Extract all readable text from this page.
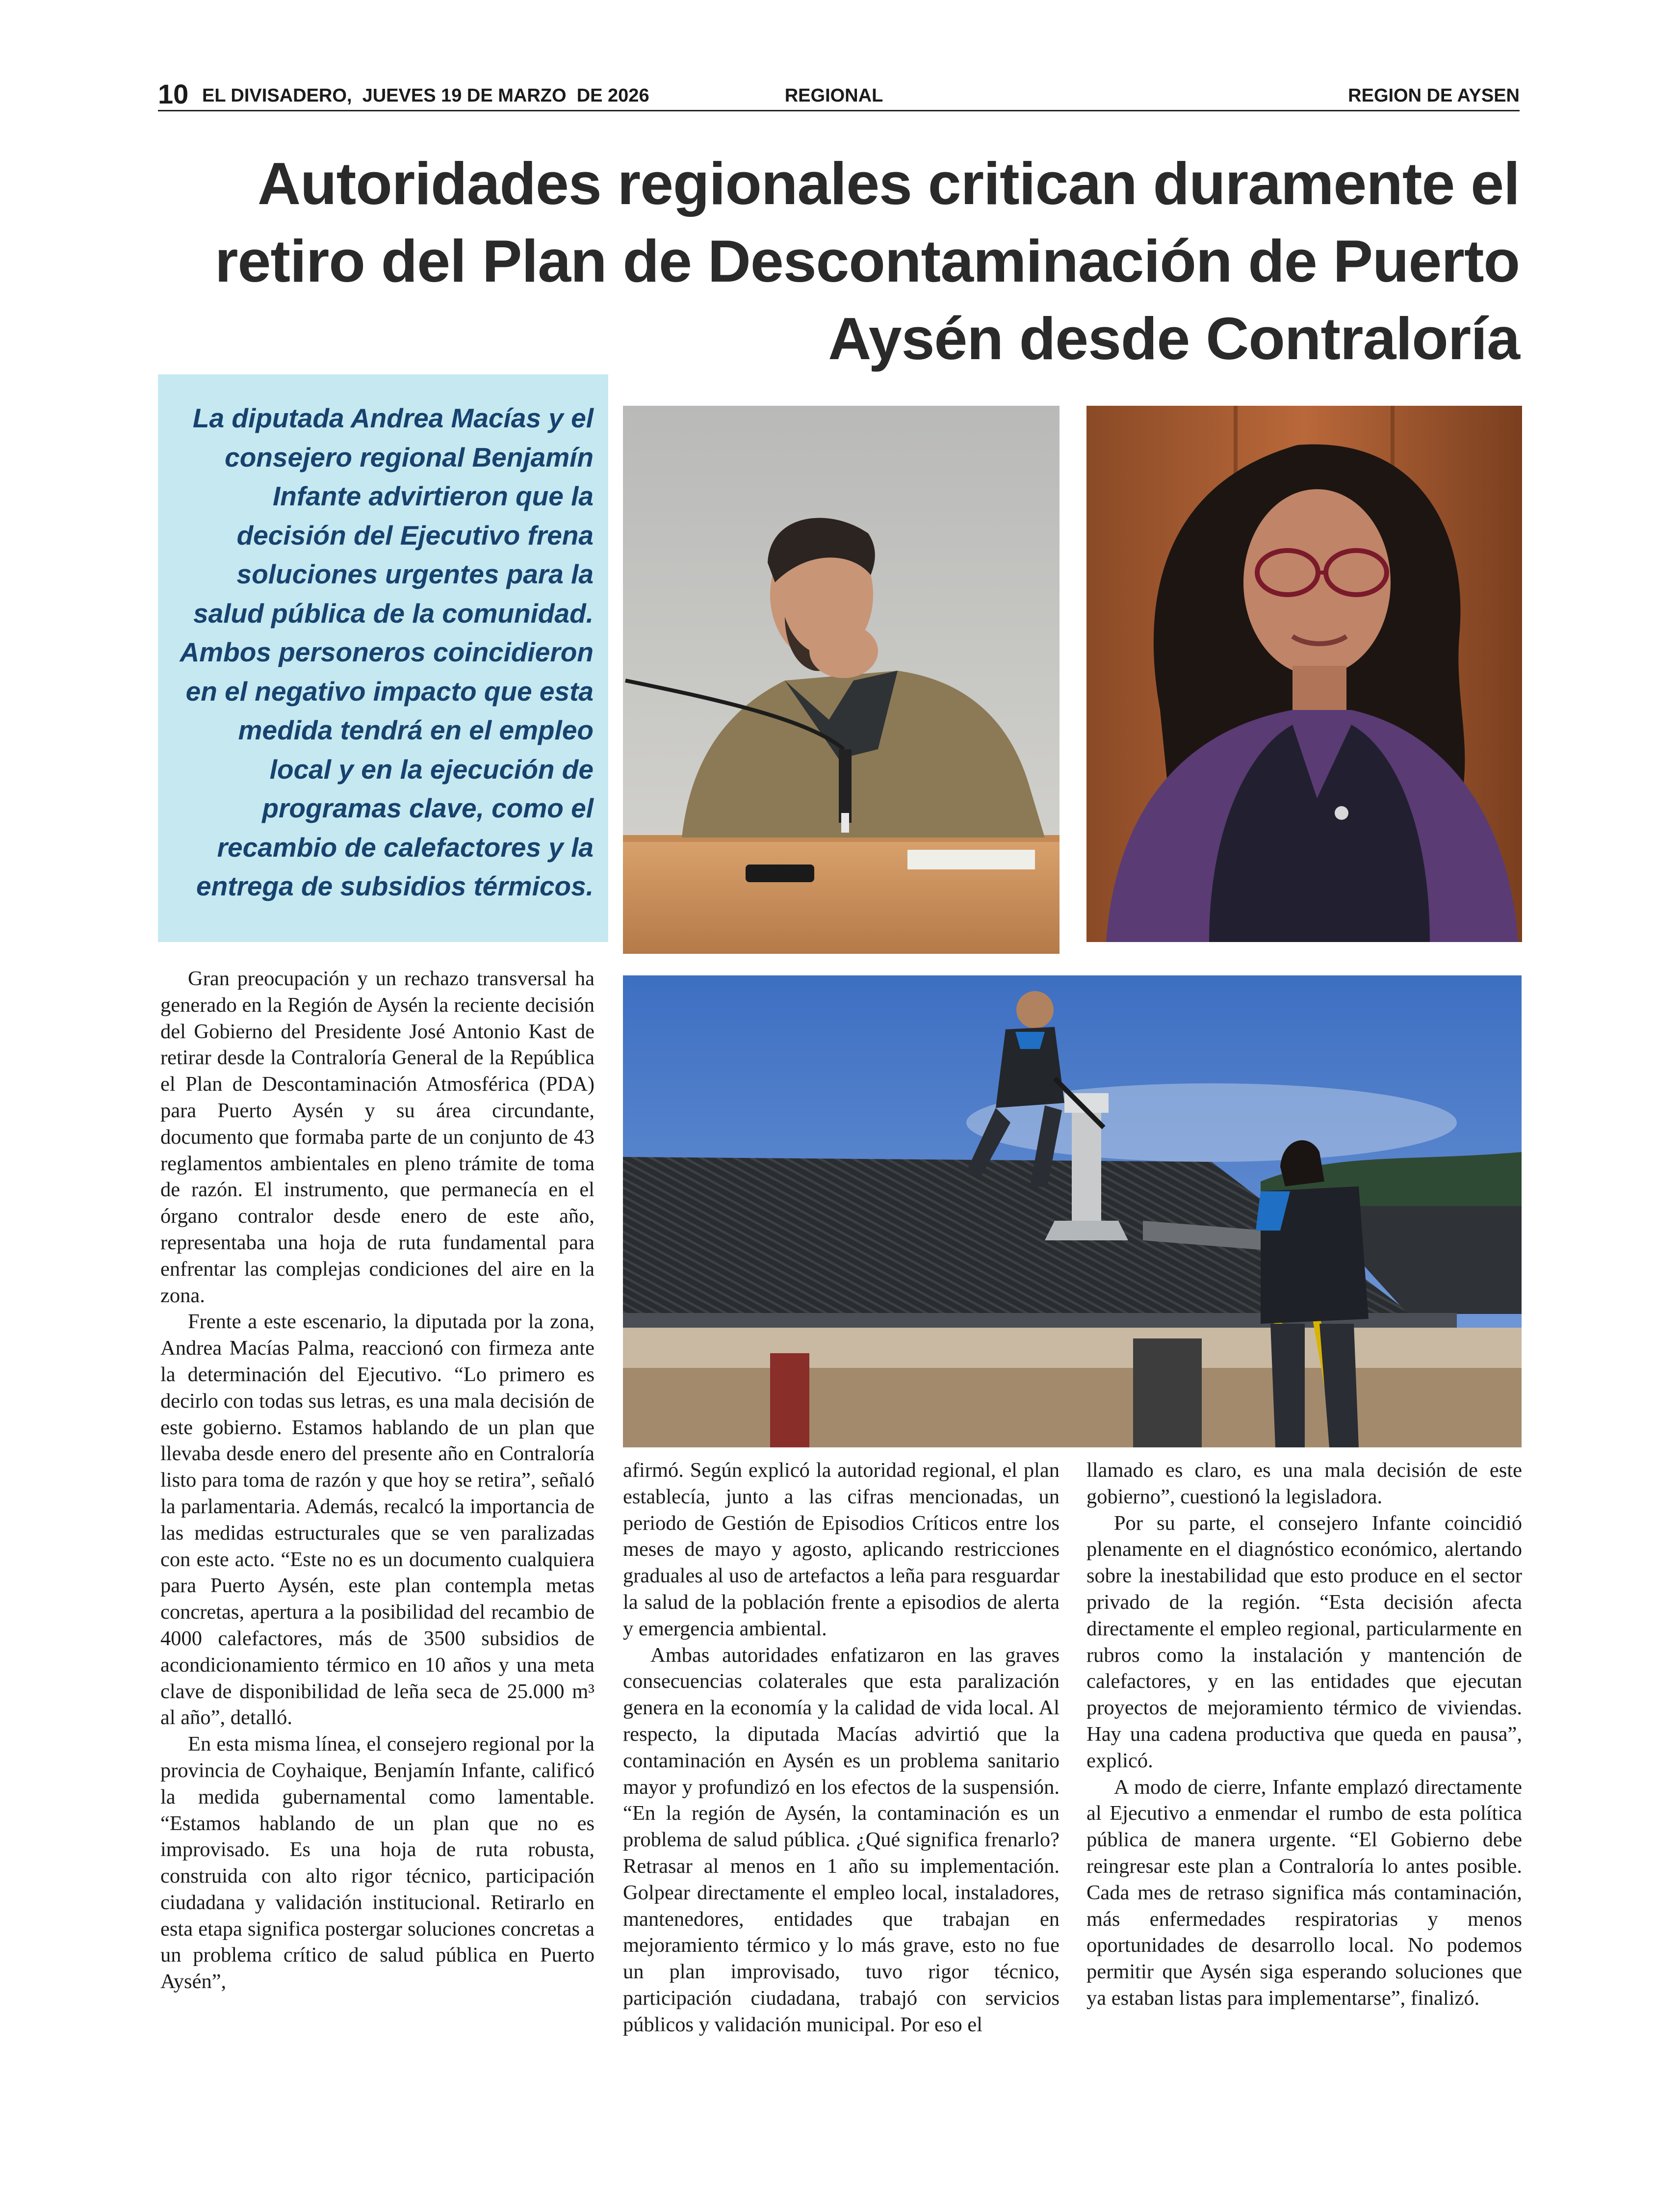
10 EL DIVISADERO,  JUEVES 19 DE MARZO  DE 2026	REGIONAL	REGION DE AYSEN
Autoridades regionales critican duramente el retiro del Plan de Descontaminación de Puerto Aysén desde Contraloría

La diputada Andrea Macías y el consejero regional Benjamín Infante advirtieron que la decisión del Ejecutivo frena soluciones urgentes para la salud pública de la comunidad. Ambos personeros coincidieron en el negativo impacto que esta medida tendrá en el empleo local y en la ejecución de programas clave, como el recambio de calefactores y la entrega de subsidios térmicos.

Gran preocupación y un rechazo transversal ha generado en la Región de Aysén la reciente decisión del Gobierno del Presidente José Antonio Kast de retirar desde la Contraloría General de la República el Plan de Descontaminación Atmosférica (PDA) para Puerto Aysén y su área circundante, documento que formaba parte de un conjunto de 43 reglamentos ambientales en pleno trámite de toma de razón. El instrumento, que permanecía en el órgano contralor desde enero de este año, representaba una hoja de ruta fundamental para enfrentar las complejas condiciones del aire en la zona.

Frente a este escenario, la diputada por la zona, Andrea Macías Palma, reaccionó con firmeza ante la determinación del Ejecutivo. “Lo primero es decirlo con todas sus letras, es una mala decisión de este gobierno. Estamos hablando de un plan que llevaba desde enero del presente año en Contraloría listo para toma de razón y que hoy se retira”, señaló la parlamentaria. Además, recalcó la importancia de las medidas estructurales que se ven paralizadas con este acto. “Este no es un documento cualquiera para Puerto Aysén, este plan contempla metas concretas, apertura a la posibilidad del recambio de 4000 calefactores, más de 3500 subsidios de acondicionamiento térmico en 10 años y una meta clave de disponibilidad de leña seca de 25.000 m³ al año”, detalló.

En esta misma línea, el consejero regional por la provincia de Coyhaique, Benjamín Infante, calificó la medida gubernamental como lamentable. “Estamos hablando de un plan que no es improvisado. Es una hoja de ruta robusta, construida con alto rigor técnico, participación ciudadana y validación institucional. Retirarlo en esta etapa significa postergar soluciones concretas a un problema crítico de salud pública en Puerto Aysén”,

afirmó. Según explicó la autoridad regional, el plan establecía, junto a las cifras mencionadas, un periodo de Gestión de Episodios Críticos entre los meses de mayo y agosto, aplicando restricciones graduales al uso de artefactos a leña para resguardar la salud de la población frente a episodios de alerta y emergencia ambiental.

Ambas autoridades enfatizaron en las graves consecuencias colaterales que esta paralización genera en la economía y la calidad de vida local. Al respecto, la diputada Macías advirtió que la contaminación en Aysén es un problema sanitario mayor y profundizó en los efectos de la suspensión. “En la región de Aysén, la contaminación es un problema de salud pública. ¿Qué significa frenarlo? Retrasar al menos en 1 año su implementación. Golpear directamente el empleo local, instaladores, mantenedores, entidades que trabajan en mejoramiento térmico y lo más grave, esto no fue un plan improvisado, tuvo rigor técnico, participación ciudadana, trabajó con servicios públicos y validación municipal. Por eso el

llamado es claro, es una mala decisión de este gobierno”, cuestionó la legisladora.

Por su parte, el consejero Infante coincidió plenamente en el diagnóstico económico, alertando sobre la inestabilidad que esto produce en el sector privado de la región. “Esta decisión afecta directamente el empleo regional, particularmente en rubros como la instalación y mantención de calefactores, y en las entidades que ejecutan proyectos de mejoramiento térmico de viviendas. Hay una cadena productiva que queda en pausa”, explicó.

A modo de cierre, Infante emplazó directamente al Ejecutivo a enmendar el rumbo de esta política pública de manera urgente. “El Gobierno debe reingresar este plan a Contraloría lo antes posible. Cada mes de retraso significa más contaminación, más enfermedades respiratorias y menos oportunidades de desarrollo local. No podemos permitir que Aysén siga esperando soluciones que ya estaban listas para implementarse”, finalizó.
